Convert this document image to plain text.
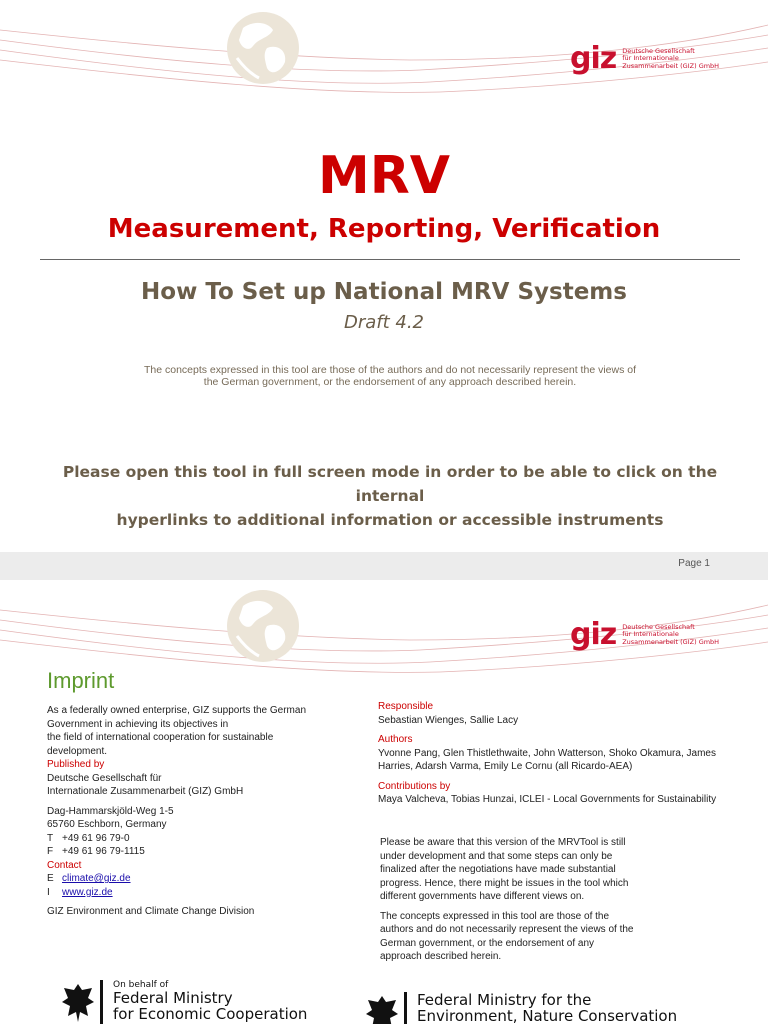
giz Deutsche Gesellschaft
für Internationale
Zusammenarbeit (GIZ) GmbH
MRV
Measurement, Reporting, Verification
How To Set up National MRV Systems
Draft 4.2
The concepts expressed in this tool are those of the authors and do not necessarily represent the views of
the German government, or the endorsement of any approach described herein.
Please open this tool in full screen mode in order to be able to click on the internal
hyperlinks to additional information or accessible instruments
Page 1
giz Deutsche Gesellschaft
für Internationale
Zusammenarbeit (GIZ) GmbH
Imprint
As a federally owned enterprise, GIZ supports the German
Government in achieving its objectives in
the field of international cooperation for sustainable
development.
Published by
Deutsche Gesellschaft für
Internationale Zusammenarbeit (GIZ) GmbH
Dag-Hammarskjöld-Weg 1-5
65760 Eschborn, Germany
T +49 61 96 79-0
F +49 61 96 79-1115
Contact
E climate@giz.de
I www.giz.de
GIZ Environment and Climate Change Division
Responsible
Sebastian Wienges, Sallie Lacy
Authors
Yvonne Pang, Glen Thistlethwaite, John Watterson, Shoko Okamura, James
Harries, Adarsh Varma, Emily Le Cornu (all Ricardo-AEA)
Contributions by
Maya Valcheva, Tobias Hunzai, ICLEI - Local Governments for Sustainability
Please be aware that this version of the MRVTool is still
under development and that some steps can only be
finalized after the negotiations have made substantial
progress. Hence, there might be issues in the tool which
different governments have different views on.
The concepts expressed in this tool are those of the
authors and do not necessarily represent the views of the
German government, or the endorsement of any
approach described herein.
On behalf of
Federal Ministry
for Economic Cooperation
Federal Ministry for the
Environment, Nature Conservation
